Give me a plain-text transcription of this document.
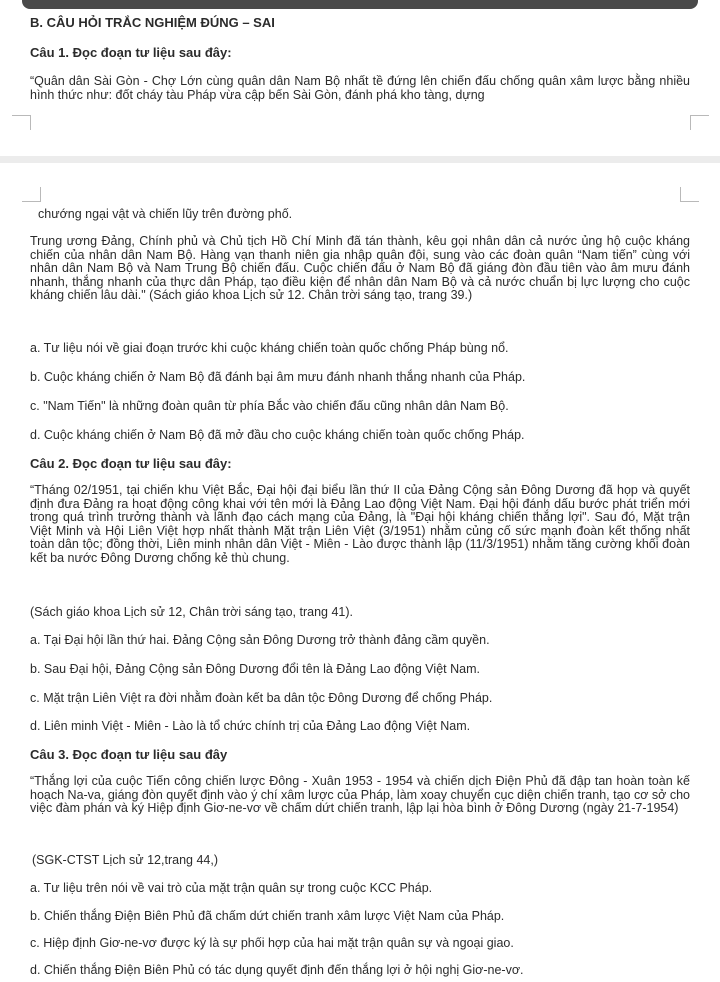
B. CÂU HỎI TRẮC NGHIỆM ĐÚNG – SAI
Câu 1. Đọc đoạn tư liệu sau đây:
“Quân dân Sài Gòn - Chợ Lớn cùng quân dân Nam Bộ nhất tề đứng lên chiến đấu chống quân xâm lược bằng nhiều hình thức như: đốt cháy tàu Pháp vừa cập bến Sài Gòn, đánh phá kho tàng, dựng
chướng ngại vật và chiến lũy trên đường phố.
Trung ương Đảng, Chính phủ và Chủ tịch Hồ Chí Minh đã tán thành, kêu gọi nhân dân cả nước ủng hộ cuộc kháng chiến của nhân dân Nam Bộ. Hàng vạn thanh niên gia nhập quân đội, sung vào các đoàn quân “Nam tiến” cùng với nhân dân Nam Bộ và Nam Trung Bộ chiến đấu. Cuộc chiến đấu ở Nam Bộ đã giáng đòn đầu tiên vào âm mưu đánh nhanh, thắng nhanh của thực dân Pháp, tạo điều kiện để nhân dân Nam Bộ và cả nước chuẩn bị lực lượng cho cuộc kháng chiến lâu dài." (Sách giáo khoa Lịch sử 12. Chân trời sáng tạo, trang 39.)
a. Tư liệu nói về giai đoạn trước khi cuộc kháng chiến toàn quốc chống Pháp bùng nổ.
b. Cuộc kháng chiến ở Nam Bộ đã đánh bại âm mưu đánh nhanh thắng nhanh của Pháp.
c. "Nam Tiến" là những đoàn quân từ phía Bắc vào chiến đấu cũng nhân dân Nam Bộ.
d. Cuộc kháng chiến ở Nam Bộ đã mở đầu cho cuộc kháng chiến toàn quốc chống Pháp.
Câu 2. Đọc đoạn tư liệu sau đây:
“Tháng 02/1951, tại chiến khu Việt Bắc, Đại hội đại biểu lần thứ II của Đảng Cộng sản Đông Dương đã họp và quyết định đưa Đảng ra hoạt động công khai với tên mới là Đảng Lao động Việt Nam. Đại hội đánh dấu bước phát triển mới trong quá trình trưởng thành và lãnh đạo cách mạng của Đảng, là "Đại hội kháng chiến thắng lợi". Sau đó, Mặt trận Việt Minh và Hội Liên Việt hợp nhất thành Mặt trận Liên Việt (3/1951) nhằm củng cố sức mạnh đoàn kết thống nhất toàn dân tộc; đồng thời, Liên minh nhân dân Việt - Miên - Lào được thành lập (11/3/1951) nhằm tăng cường khối đoàn kết ba nước Đông Dương chống kẻ thù chung.
(Sách giáo khoa Lịch sử 12, Chân trời sáng tạo, trang 41).
a. Tại Đại hội lần thứ hai. Đảng Cộng sản Đông Dương trở thành đảng cầm quyền.
b. Sau Đại hội, Đảng Cộng sản Đông Dương đổi tên là Đảng Lao động Việt Nam.
c. Mặt trận Liên Việt ra đời nhằm đoàn kết ba dân tộc Đông Dương để chống Pháp.
d. Liên minh Việt - Miên - Lào là tổ chức chính trị của Đảng Lao động Việt Nam.
Câu 3. Đọc đoạn tư liệu sau đây
“Thắng lợi của cuộc Tiến công chiến lược Đông - Xuân 1953 - 1954 và chiến dịch Điện Phủ đã đập tan hoàn toàn kế hoạch Na-va, giáng đòn quyết định vào ý chí xâm lược của Pháp, làm xoay chuyển cục diện chiến tranh, tạo cơ sở cho việc đàm phán và ký Hiệp định Giơ-ne-vơ về chấm dứt chiến tranh, lập lại hòa bình ở Đông Dương (ngày 21-7-1954)
(SGK-CTST Lịch sử 12,trang 44,)
a. Tư liệu trên nói về vai trò của mặt trận quân sự trong cuộc KCC Pháp.
b. Chiến thắng Điện Biên Phủ đã chấm dứt chiến tranh xâm lược Việt Nam của Pháp.
c. Hiệp định Giơ-ne-vơ được ký là sự phối hợp của hai mặt trận quân sự và ngoại giao.
d. Chiến thắng Điện Biên Phủ có tác dụng quyết định đến thắng lợi ở hội nghị Giơ-ne-vơ.
